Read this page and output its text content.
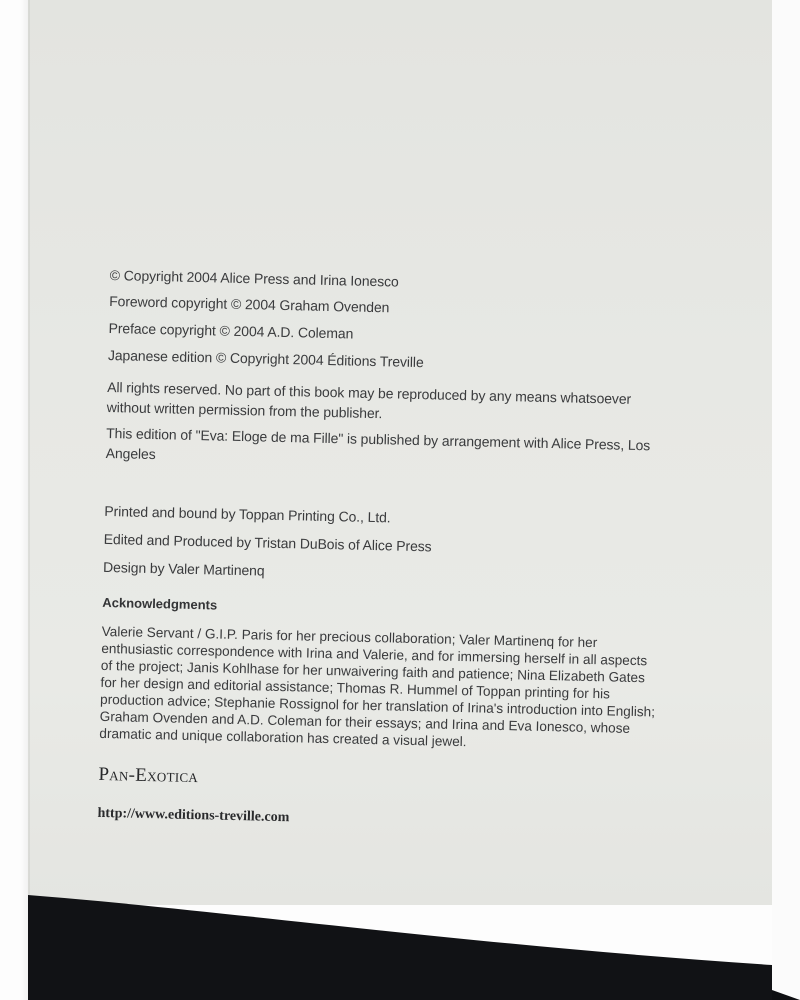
© Copyright 2004 Alice Press and Irina Ionesco

Foreword copyright © 2004 Graham Ovenden

Preface copyright © 2004 A.D. Coleman

Japanese edition © Copyright 2004 Éditions Treville

All rights reserved. No part of this book may be reproduced by any means whatsoever without written permission from the publisher.

This edition of "Eva: Eloge de ma Fille" is published by arrangement with Alice Press, Los Angeles

Printed and bound by Toppan Printing Co., Ltd.

Edited and Produced by Tristan DuBois of Alice Press

Design by Valer Martinenq

Acknowledgments

Valerie Servant / G.I.P. Paris for her precious collaboration; Valer Martinenq for her enthusiastic correspondence with Irina and Valerie, and for immersing herself in all aspects of the project; Janis Kohlhase for her unwaivering faith and patience; Nina Elizabeth Gates for her design and editorial assistance; Thomas R. Hummel of Toppan printing for his production advice; Stephanie Rossignol for her translation of Irina's introduction into English; Graham Ovenden and A.D. Coleman for their essays; and Irina and Eva Ionesco, whose dramatic and unique collaboration has created a visual jewel.

Pan-Exotica

http://www.editions-treville.com
